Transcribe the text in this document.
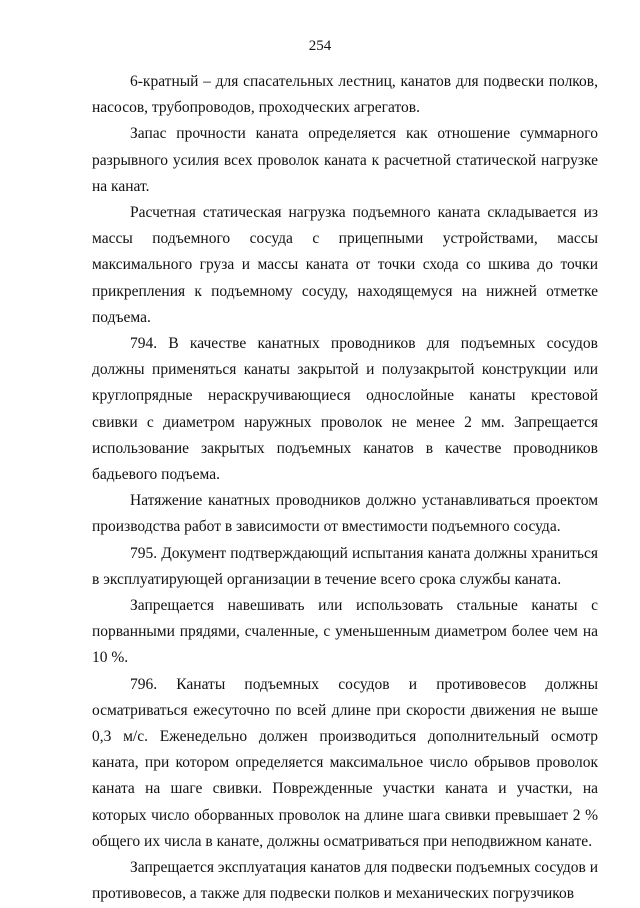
254

6-кратный – для спасательных лестниц, канатов для подвески полков, насосов, трубопроводов, проходческих агрегатов.

Запас прочности каната определяется как отношение суммарного разрывного усилия всех проволок каната к расчетной статической нагрузке на канат.

Расчетная статическая нагрузка подъемного каната складывается из массы подъемного сосуда с прицепными устройствами, массы максимального груза и массы каната от точки схода со шкива до точки прикрепления к подъемному сосуду, находящемуся на нижней отметке подъема.

794. В качестве канатных проводников для подъемных сосудов должны применяться канаты закрытой и полузакрытой конструкции или круглопрядные нераскручивающиеся однослойные канаты крестовой свивки с диаметром наружных проволок не менее 2 мм. Запрещается использование закрытых подъемных канатов в качестве проводников бадьевого подъема.

Натяжение канатных проводников должно устанавливаться проектом производства работ в зависимости от вместимости подъемного сосуда.

795. Документ подтверждающий испытания каната должны храниться в эксплуатирующей организации в течение всего срока службы каната.

Запрещается навешивать или использовать стальные канаты с порванными прядями, счаленные, с уменьшенным диаметром более чем на 10 %.

796. Канаты подъемных сосудов и противовесов должны осматриваться ежесуточно по всей длине при скорости движения не выше 0,3 м/с. Еженедельно должен производиться дополнительный осмотр каната, при котором определяется максимальное число обрывов проволок каната на шаге свивки. Поврежденные участки каната и участки, на которых число оборванных проволок на длине шага свивки превышает 2 % общего их числа в канате, должны осматриваться при неподвижном канате.

Запрещается эксплуатация канатов для подвески подъемных сосудов и противовесов, а также для подвески полков и механических погрузчиков
